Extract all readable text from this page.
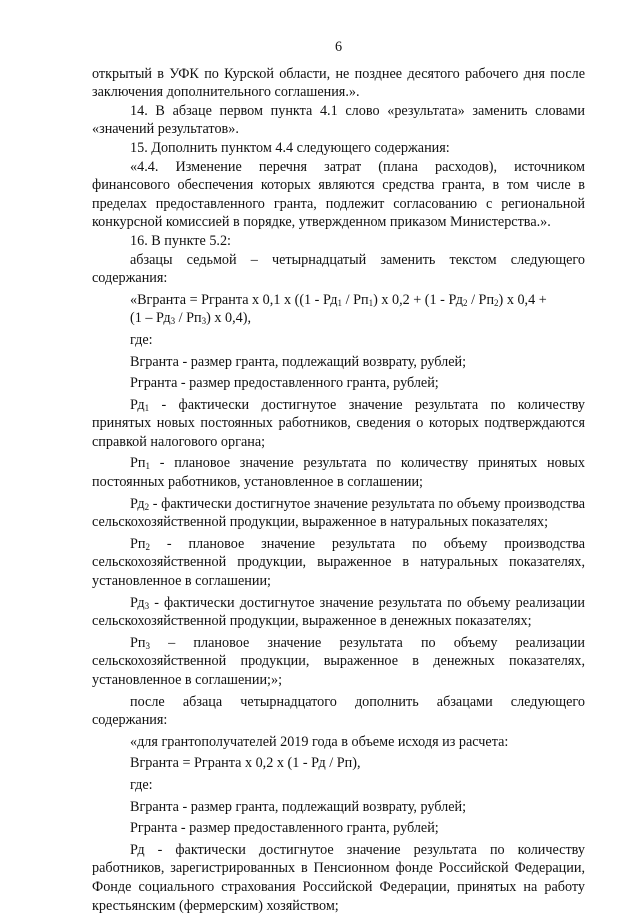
6

открытый в УФК по Курской области, не позднее десятого рабочего дня после заключения дополнительного соглашения.».

14. В абзаце первом пункта 4.1 слово «результата» заменить словами «значений результатов».

15. Дополнить пунктом 4.4 следующего содержания:

«4.4. Изменение перечня затрат (плана расходов), источником финансового обеспечения которых являются средства гранта, в том числе в пределах предоставленного гранта, подлежит согласованию с региональной конкурсной комиссией в порядке, утвержденном приказом Министерства.».

16. В пункте 5.2:

абзацы седьмой – четырнадцатый заменить текстом следующего содержания:

«Вгранта = Ргранта х 0,1 х ($(1 - Рд_1 / Рп_1)$ х $0,2 + (1 - Рд_2 / Рп_2)$ х 0,4 +
$(1 - Рд_3 / Рп_3)$ х 0,4),

где:

Вгранта - размер гранта, подлежащий возврату, рублей;

Ргранта - размер предоставленного гранта, рублей;

$Рд_1$ - фактически достигнутое значение результата по количеству принятых новых постоянных работников, сведения о которых подтверждаются справкой налогового органа;

$Рп_1$ - плановое значение результата по количеству принятых новых постоянных работников, установленное в соглашении;

$Рд_2$ - фактически достигнутое значение результата по объему производства сельскохозяйственной продукции, выраженное в натуральных показателях;

$Рп_2$ - плановое значение результата по объему производства сельскохозяйственной продукции, выраженное в натуральных показателях, установленное в соглашении;

$Рд_3$ - фактически достигнутое значение результата по объему реализации сельскохозяйственной продукции, выраженное в денежных показателях;

$Рп_3$ – плановое значение результата по объему реализации сельскохозяйственной продукции, выраженное в денежных показателях, установленное в соглашении;»;

после абзаца четырнадцатого дополнить абзацами следующего содержания:

«для грантополучателей 2019 года в объеме исходя из расчета:

Вгранта = Ргранта х 0,2 х (1 - Рд / Рп),

где:

Вгранта - размер гранта, подлежащий возврату, рублей;

Ргранта - размер предоставленного гранта, рублей;

Рд - фактически достигнутое значение результата по количеству работников, зарегистрированных в Пенсионном фонде Российской Федерации, Фонде социального страхования Российской Федерации, принятых на работу крестьянским (фермерским) хозяйством;
